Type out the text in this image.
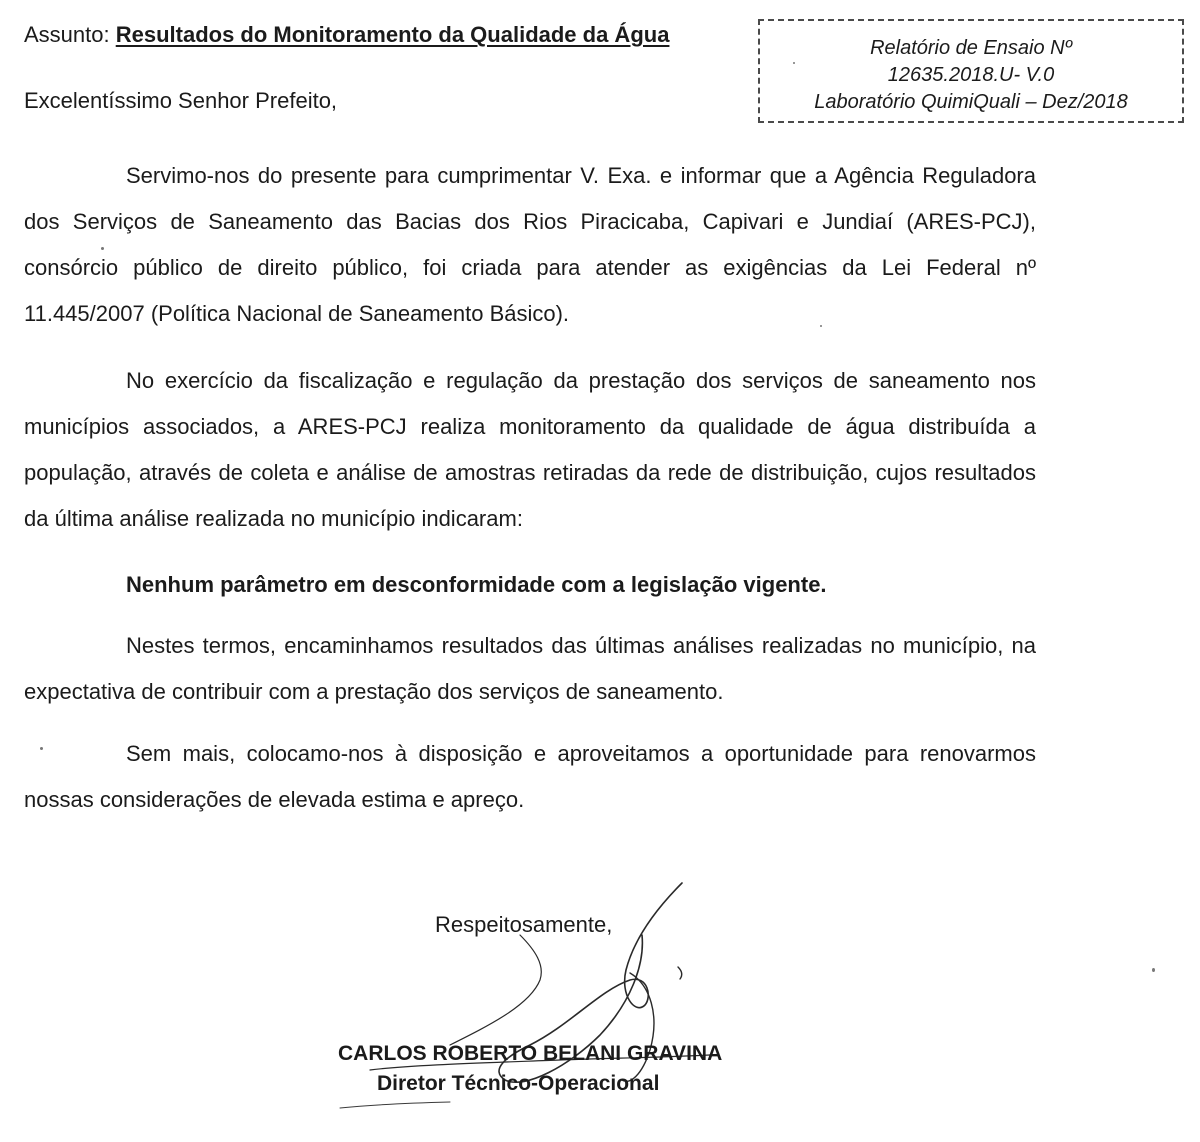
Assunto: Resultados do Monitoramento da Qualidade da Água
Excelentíssimo Senhor Prefeito,
Relatório de Ensaio Nº
12635.2018.U- V.0
Laboratório QuimiQuali – Dez/2018

Servimo-nos do presente para cumprimentar V. Exa. e informar que a Agência Reguladora dos Serviços de Saneamento das Bacias dos Rios Piracicaba, Capivari e Jundiaí (ARES-PCJ), consórcio público de direito público, foi criada para atender as exigências da Lei Federal nº 11.445/2007 (Política Nacional de Saneamento Básico).

No exercício da fiscalização e regulação da prestação dos serviços de saneamento nos municípios associados, a ARES-PCJ realiza monitoramento da qualidade de água distribuída a população, através de coleta e análise de amostras retiradas da rede de distribuição, cujos resultados da última análise realizada no município indicaram:

Nenhum parâmetro em desconformidade com a legislação vigente.

Nestes termos, encaminhamos resultados das últimas análises realizadas no município, na expectativa de contribuir com a prestação dos serviços de saneamento.

Sem mais, colocamo-nos à disposição e aproveitamos a oportunidade para renovarmos nossas considerações de elevada estima e apreço.

Respeitosamente,
CARLOS ROBERTO BELANI GRAVINA
Diretor Técnico-Operacional
